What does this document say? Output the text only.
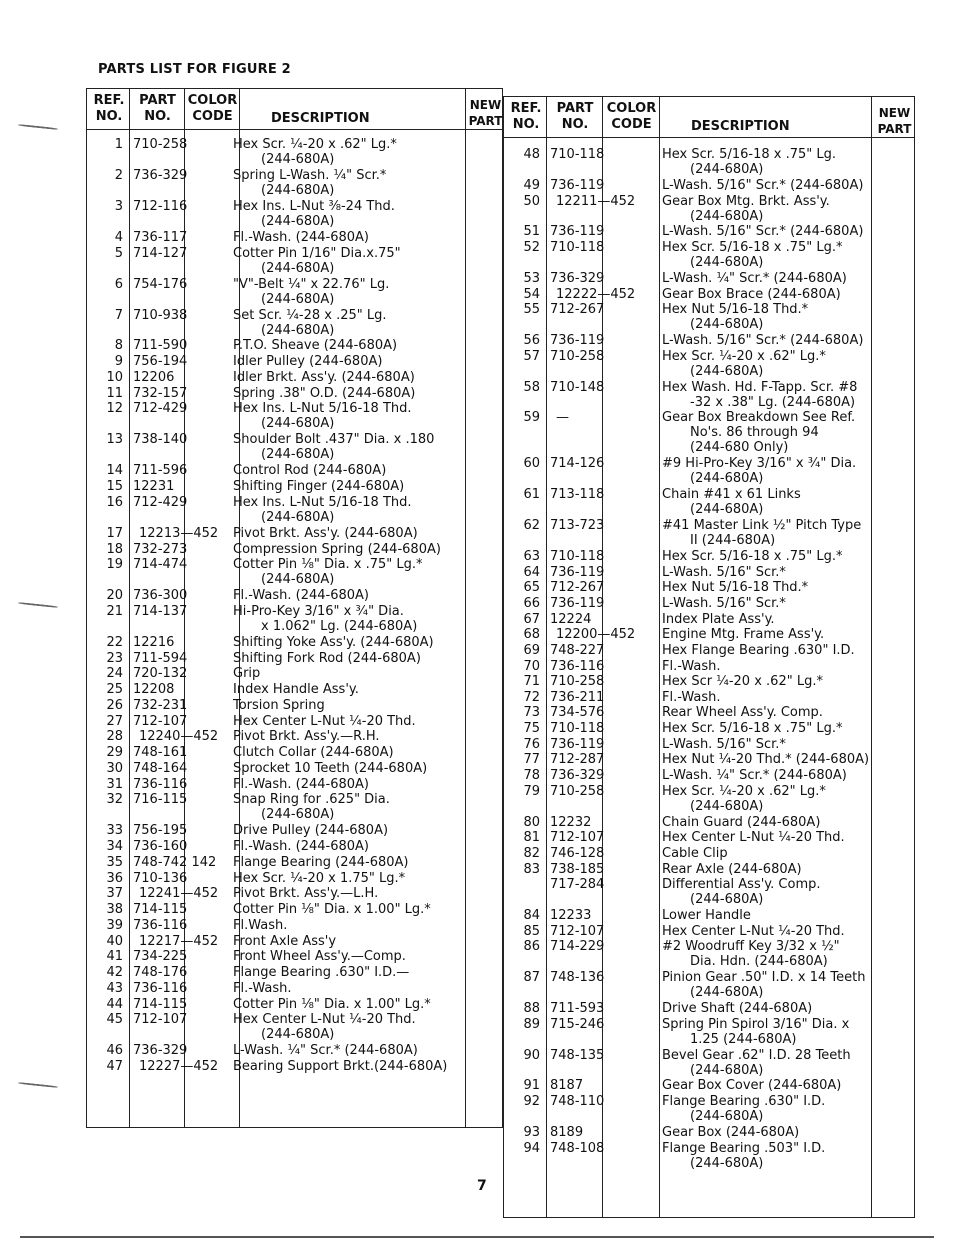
PARTS LIST FOR FIGURE 2
REF. NO.
PART NO.
COLOR CODE	DESCRIPTION
NEW PART
1 710-258	Hex Scr. ¼-20 x .62" Lg.*
(244-680A)
2 736-329	Spring L-Wash. ¼" Scr.*
(244-680A)
3 712-116	Hex Ins. L-Nut ⅜-24 Thd.
(244-680A)
4 736-117	Fl.-Wash. (244-680A)
5 714-127	Cotter Pin 1/16" Dia.x.75"
(244-680A)
6 754-176	"V"-Belt ¼" x 22.76" Lg.
(244-680A)
7 710-938	Set Scr. ¼-28 x .25" Lg.
(244-680A)
8 711-590	P.T.O. Sheave (244-680A)
9 756-194	Idler Pulley (244-680A)
10 12206	Idler Brkt. Ass'y. (244-680A)
11 732-157	Spring .38" O.D. (244-680A)
12 712-429	Hex Ins. L-Nut 5/16-18 Thd.
(244-680A)
13 738-140	Shoulder Bolt .437" Dia. x .180
(244-680A)
14 711-596	Control Rod (244-680A)
15 12231	Shifting Finger (244-680A)
16 712-429	Hex Ins. L-Nut 5/16-18 Thd.
(244-680A)
17 12213—452 Pivot Brkt. Ass'y. (244-680A)
18 732-273	Compression Spring (244-680A)
19 714-474	Cotter Pin ⅛" Dia. x .75" Lg.*
(244-680A)
20 736-300	Fl.-Wash. (244-680A)
21 714-137	Hi-Pro-Key 3/16" x ¾" Dia.
x 1.062" Lg. (244-680A)
22 12216	Shifting Yoke Ass'y. (244-680A)
23 711-594	Shifting Fork Rod (244-680A)
24 720-132	Grip
25 12208	Index Handle Ass'y.
26 732-231	Torsion Spring
27 712-107	Hex Center L-Nut ¼-20 Thd.
28 12240—452 Pivot Brkt. Ass'y.—R.H.
29 748-161	Clutch Collar (244-680A)
30 748-164	Sprocket 10 Teeth (244-680A)
31 736-116	Fl.-Wash. (244-680A)
32 716-115	Snap Ring for .625" Dia.
(244-680A)
33 756-195	Drive Pulley (244-680A)
34 736-160	Fl.-Wash. (244-680A)
35 748-742 142 Flange Bearing (244-680A)
36 710-136	Hex Scr. ¼-20 x 1.75" Lg.*
37 12241—452 Pivot Brkt. Ass'y.—L.H.
38 714-115	Cotter Pin ⅛" Dia. x 1.00" Lg.*
39 736-116	Fl.Wash.
40 12217—452 Front Axle Ass'y
41 734-225	Front Wheel Ass'y.—Comp.
42 748-176	Flange Bearing .630" I.D.—
43 736-116	Fl.-Wash.
44 714-115	Cotter Pin ⅛" Dia. x 1.00" Lg.*
45 712-107	Hex Center L-Nut ¼-20 Thd.
(244-680A)
46 736-329	L-Wash. ¼" Scr.* (244-680A)
47 12227—452 Bearing Support Brkt.(244-680A)
REF. NO.
PART NO.
COLOR CODE	DESCRIPTION
NEW PART
48 710-118	Hex Scr. 5/16-18 x .75" Lg.
(244-680A)
49 736-119	L-Wash. 5/16" Scr.* (244-680A)
50 12211—452 Gear Box Mtg. Brkt. Ass'y.
(244-680A)
51 736-119	L-Wash. 5/16" Scr.* (244-680A)
52 710-118	Hex Scr. 5/16-18 x .75" Lg.*
(244-680A)
53 736-329	L-Wash. ¼" Scr.* (244-680A)
54 12222—452 Gear Box Brace (244-680A)
55 712-267	Hex Nut 5/16-18 Thd.*
(244-680A)
56 736-119	L-Wash. 5/16" Scr.* (244-680A)
57 710-258	Hex Scr. ¼-20 x .62" Lg.*
(244-680A)
58 710-148	Hex Wash. Hd. F-Tapp. Scr. #8
-32 x .38" Lg. (244-680A)
59 —	Gear Box Breakdown See Ref.
No's. 86 through 94
(244-680 Only)
60 714-126	#9 Hi-Pro-Key 3/16" x ¾" Dia.
(244-680A)
61 713-118	Chain #41 x 61 Links
(244-680A)
62 713-723	#41 Master Link ½" Pitch Type
II (244-680A)
63 710-118	Hex Scr. 5/16-18 x .75" Lg.*
64 736-119	L-Wash. 5/16" Scr.*
65 712-267	Hex Nut 5/16-18 Thd.*
66 736-119	L-Wash. 5/16" Scr.*
67 12224	Index Plate Ass'y.
68 12200—452 Engine Mtg. Frame Ass'y.
69 748-227	Hex Flange Bearing .630" I.D.
70 736-116	Fl.-Wash.
71 710-258	Hex Scr ¼-20 x .62" Lg.*
72 736-211	Fl.-Wash.
73 734-576	Rear Wheel Ass'y. Comp.
75 710-118	Hex Scr. 5/16-18 x .75" Lg.*
76 736-119	L-Wash. 5/16" Scr.*
77 712-287	Hex Nut ¼-20 Thd.* (244-680A)
78 736-329	L-Wash. ¼" Scr.* (244-680A)
79 710-258	Hex Scr. ¼-20 x .62" Lg.*
(244-680A)
80 12232	Chain Guard (244-680A)
81 712-107	Hex Center L-Nut ¼-20 Thd.
82 746-128	Cable Clip
83 738-185	Rear Axle (244-680A)
717-284	Differential Ass'y. Comp.
(244-680A)
84 12233	Lower Handle
85 712-107	Hex Center L-Nut ¼-20 Thd.
86 714-229	#2 Woodruff Key 3/32 x ½"
Dia. Hdn. (244-680A)
87 748-136	Pinion Gear .50" I.D. x 14 Teeth
(244-680A)
88 711-593	Drive Shaft (244-680A)
89 715-246	Spring Pin Spirol 3/16" Dia. x
1.25 (244-680A)
90 748-135	Bevel Gear .62" I.D. 28 Teeth
(244-680A)
91 8187	Gear Box Cover (244-680A)
92 748-110	Flange Bearing .630" I.D.
(244-680A)
93 8189	Gear Box (244-680A)
94 748-108	Flange Bearing .503" I.D.
(244-680A)
7
